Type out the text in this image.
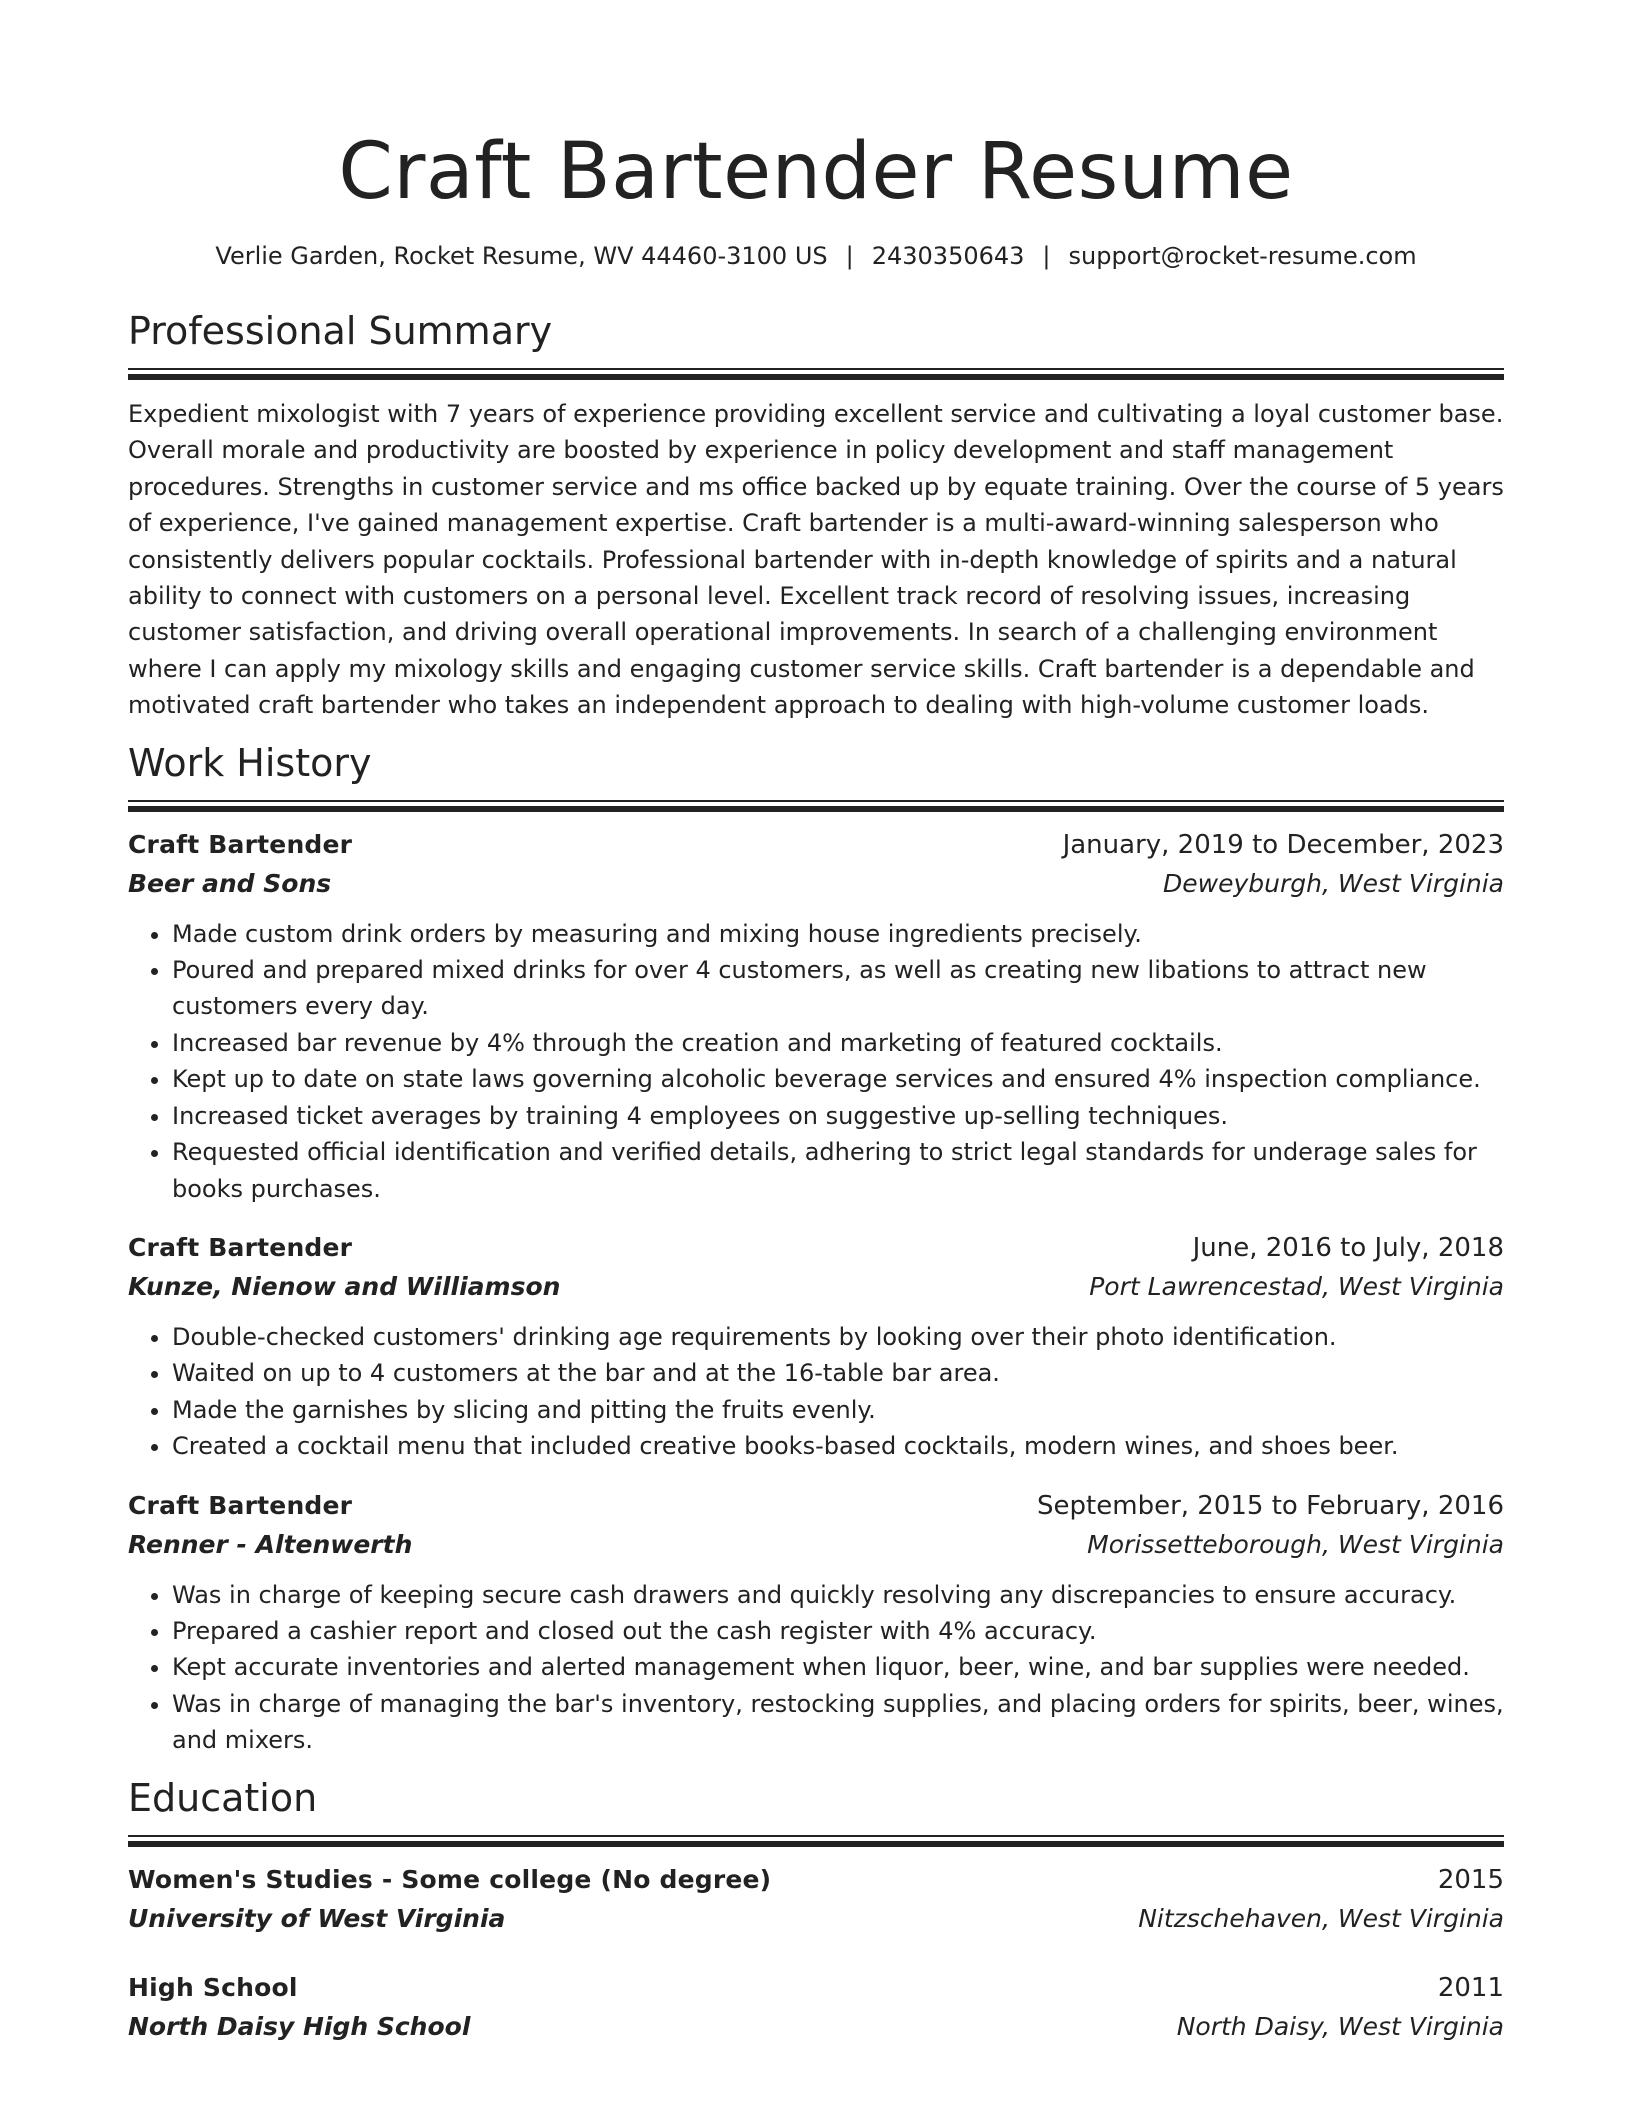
Craft Bartender Resume
Verlie Garden, Rocket Resume, WV 44460-3100 US | 2430350643 | support@rocket-resume.com
Professional Summary

Expedient mixologist with 7 years of experience providing excellent service and cultivating a loyal customer base. Overall morale and productivity are boosted by experience in policy development and staff management procedures. Strengths in customer service and ms office backed up by equate training. Over the course of 5 years of experience, I've gained management expertise. Craft bartender is a multi-award-winning salesperson who consistently delivers popular cocktails. Professional bartender with in-depth knowledge of spirits and a natural ability to connect with customers on a personal level. Excellent track record of resolving issues, increasing customer satisfaction, and driving overall operational improvements. In search of a challenging environment where I can apply my mixology skills and engaging customer service skills. Craft bartender is a dependable and motivated craft bartender who takes an independent approach to dealing with high-volume customer loads.

Work History
Craft Bartender	January, 2019 to December, 2023
Beer and Sons	Deweyburgh, West Virginia
• Made custom drink orders by measuring and mixing house ingredients precisely.
• Poured and prepared mixed drinks for over 4 customers, as well as creating new libations to attract new customers every day.
• Increased bar revenue by 4% through the creation and marketing of featured cocktails.
• Kept up to date on state laws governing alcoholic beverage services and ensured 4% inspection compliance.
• Increased ticket averages by training 4 employees on suggestive up-selling techniques.
• Requested official identification and verified details, adhering to strict legal standards for underage sales for books purchases.
Craft Bartender	June, 2016 to July, 2018
Kunze, Nienow and Williamson	Port Lawrencestad, West Virginia
• Double-checked customers' drinking age requirements by looking over their photo identification.
• Waited on up to 4 customers at the bar and at the 16-table bar area.
• Made the garnishes by slicing and pitting the fruits evenly.
• Created a cocktail menu that included creative books-based cocktails, modern wines, and shoes beer.
Craft Bartender	September, 2015 to February, 2016
Renner - Altenwerth	Morissetteborough, West Virginia
• Was in charge of keeping secure cash drawers and quickly resolving any discrepancies to ensure accuracy.
• Prepared a cashier report and closed out the cash register with 4% accuracy.
• Kept accurate inventories and alerted management when liquor, beer, wine, and bar supplies were needed.
• Was in charge of managing the bar's inventory, restocking supplies, and placing orders for spirits, beer, wines, and mixers.
Education
Women's Studies - Some college (No degree)	2015
University of West Virginia	Nitzschehaven, West Virginia
High School	2011
North Daisy High School	North Daisy, West Virginia
